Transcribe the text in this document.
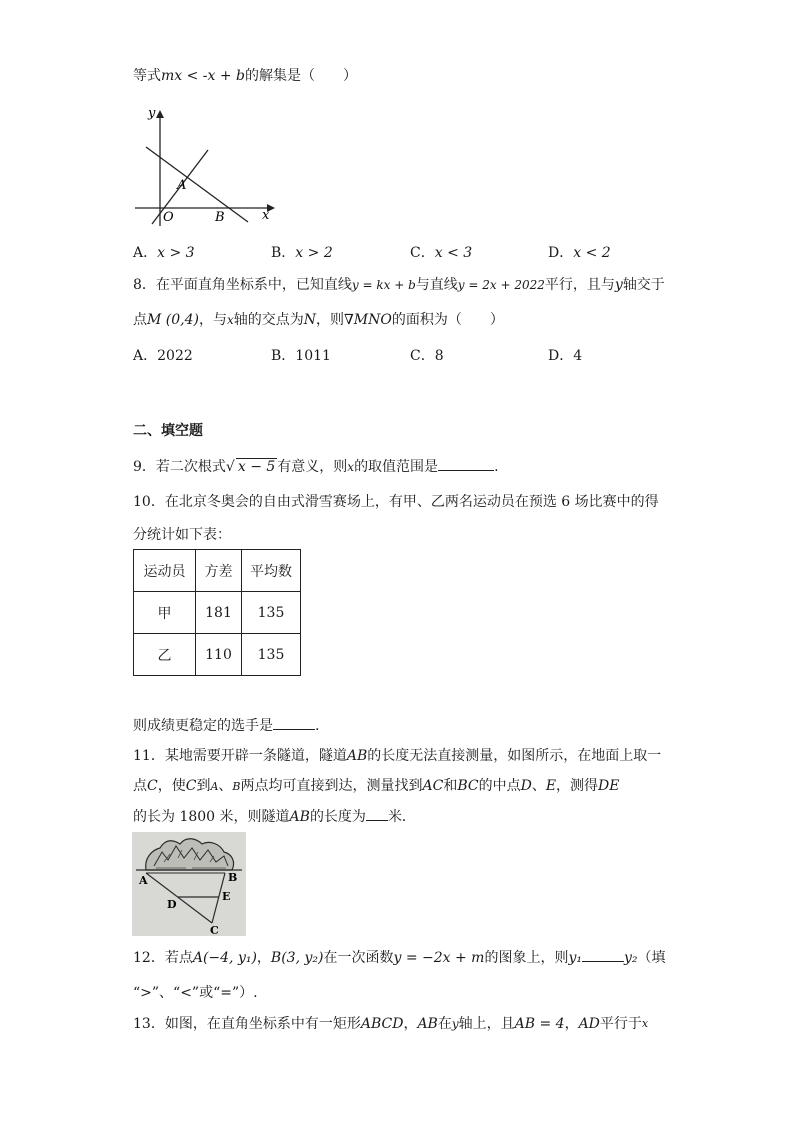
等式mx < -x + b的解集是（　　）
y
x
O
A
B
A．x > 3	B．x > 2	C．x < 3	D．x < 2
8．在平面直角坐标系中，已知直线y = kx + b与直线y = 2x + 2022平行，且与y轴交于
点M (0,4)，与x轴的交点为N，则∇MNO的面积为（　　）
A．2022	B．1011	C．8	D．4
二、填空题
9．若二次根式√ x − 5 有意义，则x的取值范围是	.
10．在北京冬奥会的自由式滑雪赛场上，有甲、乙两名运动员在预选 6 场比赛中的得
分统计如下表：
运动员	方差	平均数
甲	181	135
乙	110	135
则成绩更稳定的选手是	.
11．某地需要开辟一条隧道，隧道AB的长度无法直接测量，如图所示，在地面上取一
点C，使C到A、B两点均可直接到达，测量找到AC和BC的中点D、E，测得DE
的长为 1800 米，则隧道AB的长度为 米．
A	B
D
E
C
12．若点A(−4, y₁)，B(3, y₂)在一次函数y = −2x + m的图象上，则y₁	y₂（填
“>”、“<”或“=”）.
13．如图，在直角坐标系中有一矩形ABCD，AB在y轴上，且AB = 4，AD平行于$^x$
